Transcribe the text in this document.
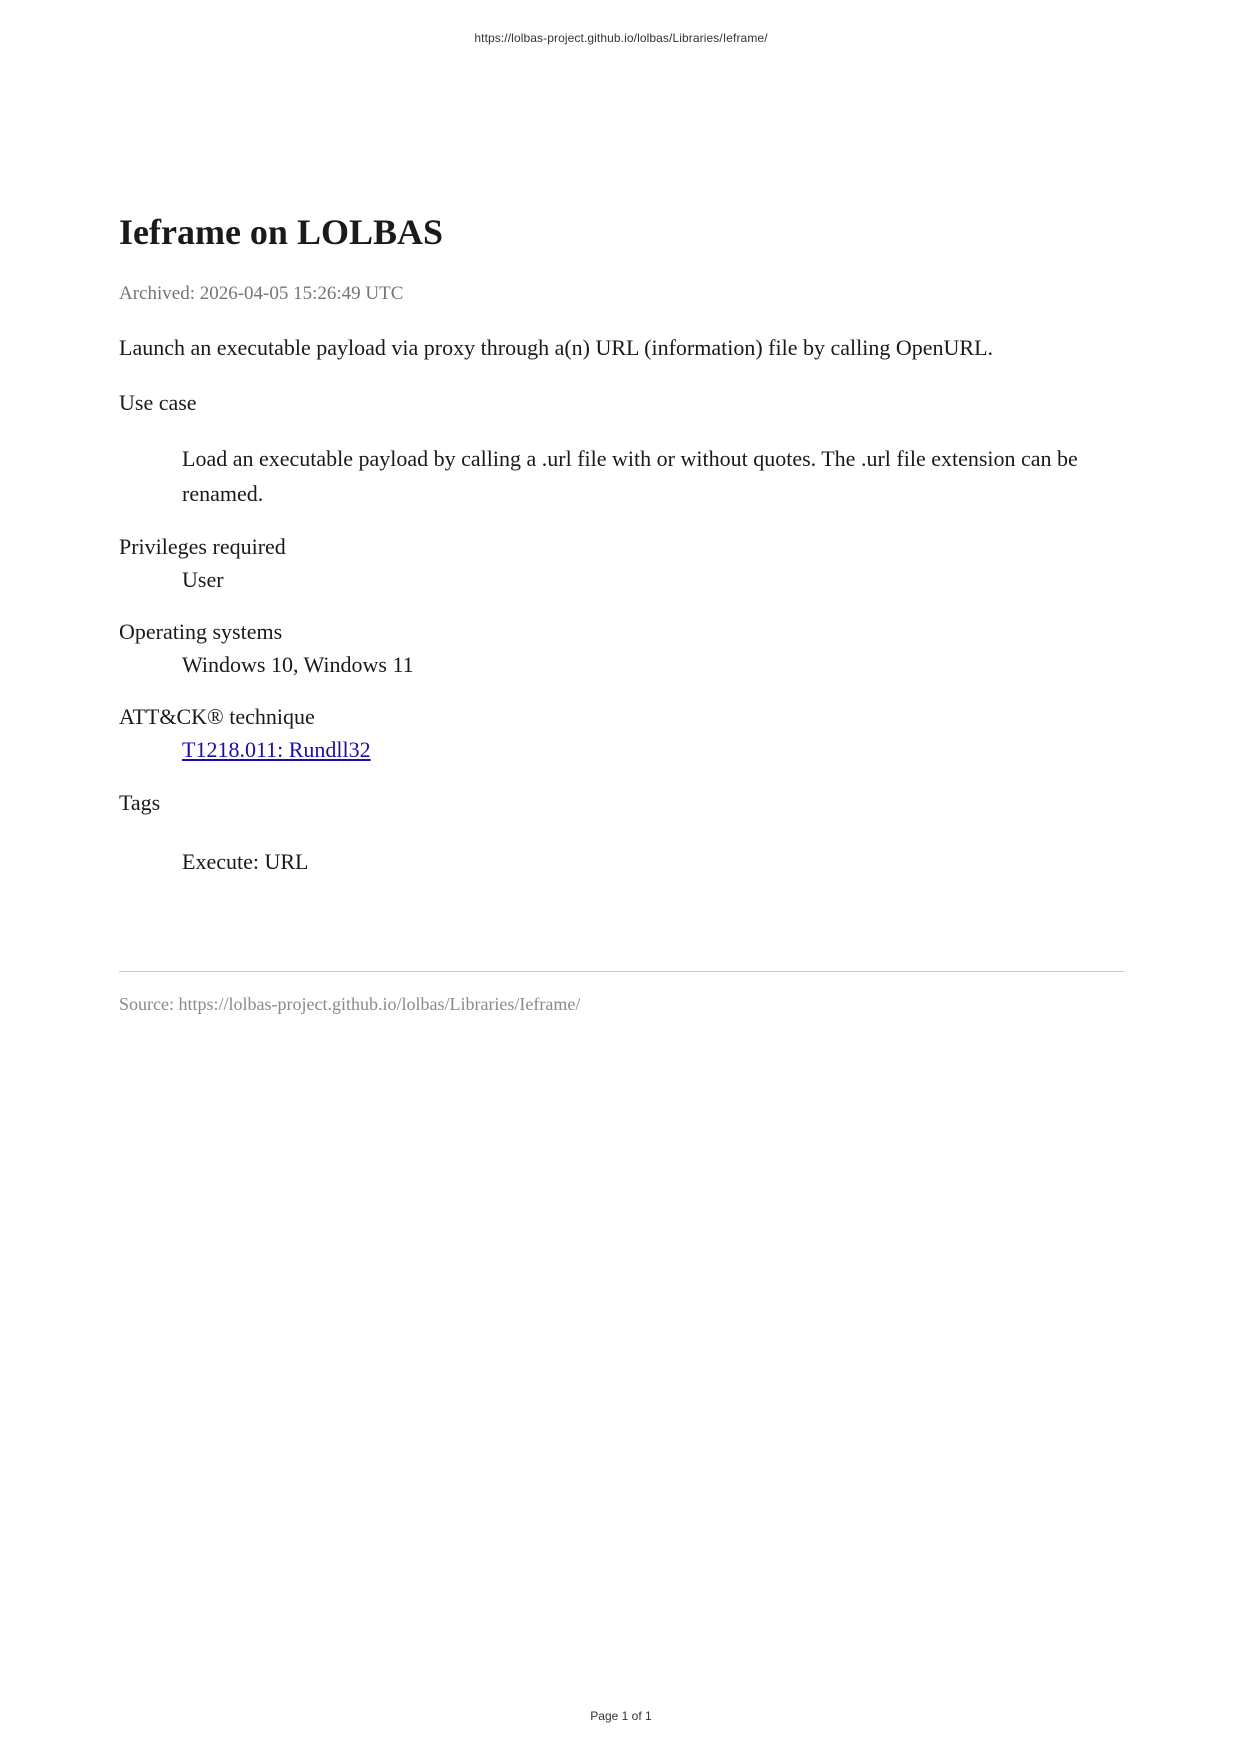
https://lolbas-project.github.io/lolbas/Libraries/Ieframe/
Ieframe on LOLBAS
Archived: 2026-04-05 15:26:49 UTC
Launch an executable payload via proxy through a(n) URL (information) file by calling OpenURL.
Use case
Load an executable payload by calling a .url file with or without quotes. The .url file extension can be renamed.
Privileges required
User
Operating systems
Windows 10, Windows 11
ATT&CK® technique
T1218.011: Rundll32
Tags
Execute: URL
Source: https://lolbas-project.github.io/lolbas/Libraries/Ieframe/
Page 1 of 1
